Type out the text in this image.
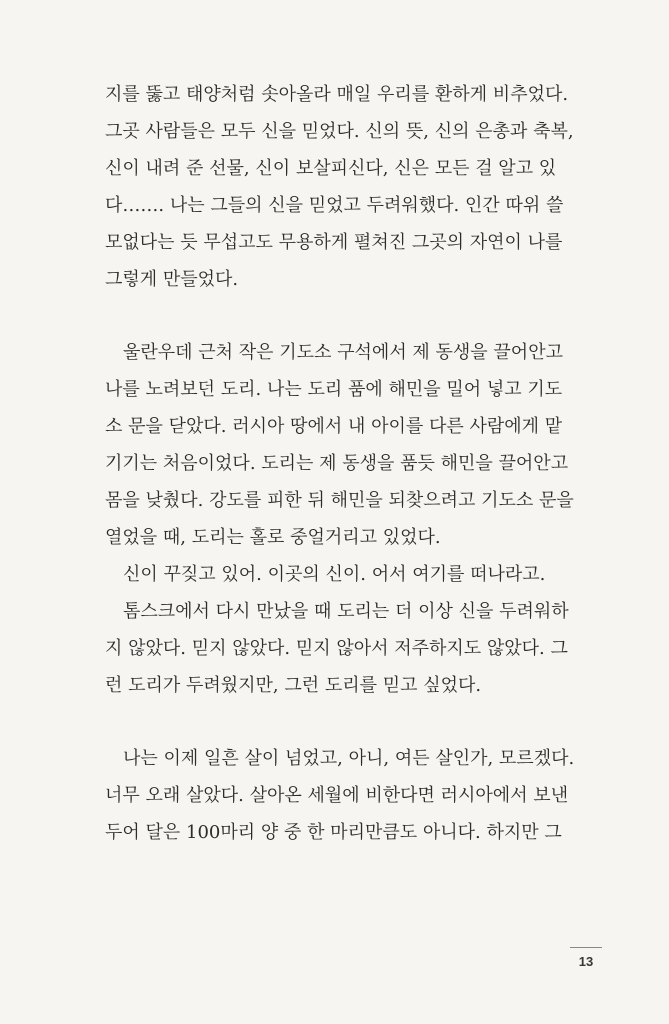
지를 뚫고 태양처럼 솟아올라 매일 우리를 환하게 비추었다.
그곳 사람들은 모두 신을 믿었다. 신의 뜻, 신의 은총과 축복,
신이 내려 준 선물, 신이 보살피신다, 신은 모든 걸 알고 있
다……. 나는 그들의 신을 믿었고 두려워했다. 인간 따위 쓸
모없다는 듯 무섭고도 무용하게 펼쳐진 그곳의 자연이 나를
그렇게 만들었다.
울란우데 근처 작은 기도소 구석에서 제 동생을 끌어안고
나를 노려보던 도리. 나는 도리 품에 해민을 밀어 넣고 기도
소 문을 닫았다. 러시아 땅에서 내 아이를 다른 사람에게 맡
기기는 처음이었다. 도리는 제 동생을 품듯 해민을 끌어안고
몸을 낮췄다. 강도를 피한 뒤 해민을 되찾으려고 기도소 문을
열었을 때, 도리는 홀로 중얼거리고 있었다.
신이 꾸짖고 있어. 이곳의 신이. 어서 여기를 떠나라고.
톰스크에서 다시 만났을 때 도리는 더 이상 신을 두려워하
지 않았다. 믿지 않았다. 믿지 않아서 저주하지도 않았다. 그
런 도리가 두려웠지만, 그런 도리를 믿고 싶었다.
나는 이제 일흔 살이 넘었고, 아니, 여든 살인가, 모르겠다.
너무 오래 살았다. 살아온 세월에 비한다면 러시아에서 보낸
두어 달은 100마리 양 중 한 마리만큼도 아니다. 하지만 그
13
